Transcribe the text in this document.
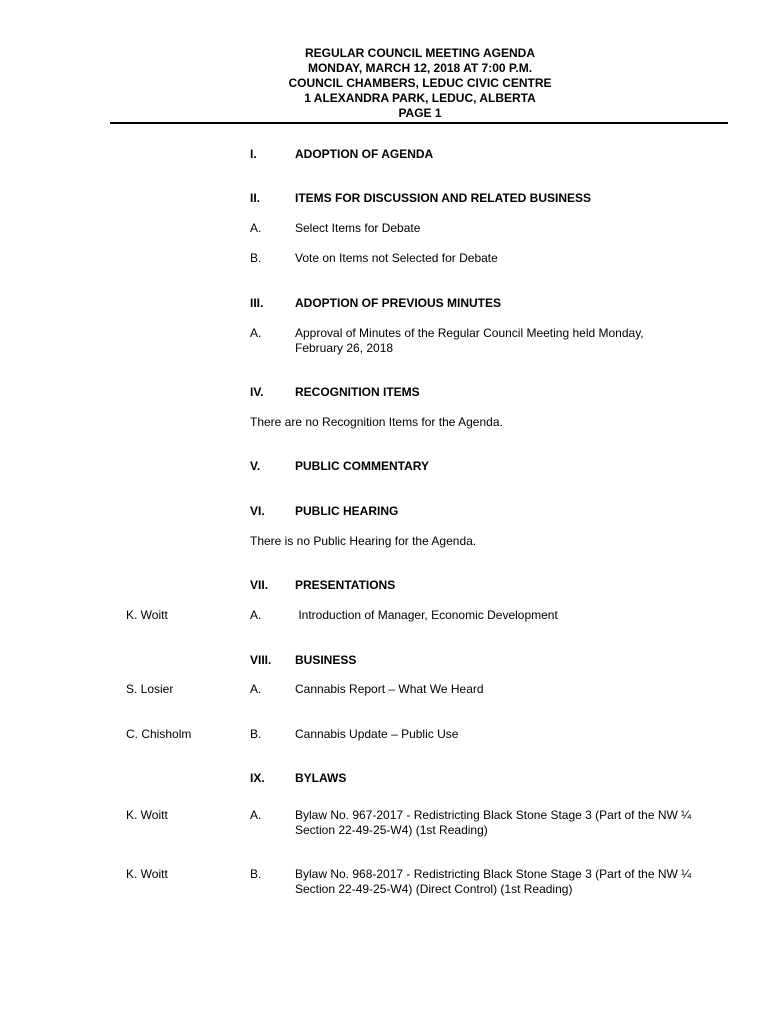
REGULAR COUNCIL MEETING AGENDA
MONDAY, MARCH 12, 2018 AT 7:00 P.M.
COUNCIL CHAMBERS, LEDUC CIVIC CENTRE
1 ALEXANDRA PARK, LEDUC, ALBERTA
PAGE 1
I.	ADOPTION OF AGENDA
II.	ITEMS FOR DISCUSSION AND RELATED BUSINESS
A.	Select Items for Debate
B.	Vote on Items not Selected for Debate
III.	ADOPTION OF PREVIOUS MINUTES
A.	Approval of Minutes of the Regular Council Meeting held Monday,
February 26, 2018
IV.	RECOGNITION ITEMS
There are no Recognition Items for the Agenda.
V.	PUBLIC COMMENTARY
VI.	PUBLIC HEARING
There is no Public Hearing for the Agenda.
VII. PRESENTATIONS
K. Woitt	A.	Introduction of Manager, Economic Development
VIII. BUSINESS
S. Losier	A.	Cannabis Report – What We Heard
C. Chisholm	B.	Cannabis Update – Public Use
IX.	BYLAWS
K. Woitt	A.	Bylaw No. 967-2017 - Redistricting Black Stone Stage 3 (Part of the NW ¼
Section 22-49-25-W4) (1st Reading)
K. Woitt	B.	Bylaw No. 968-2017 - Redistricting Black Stone Stage 3 (Part of the NW ¼
Section 22-49-25-W4) (Direct Control) (1st Reading)
